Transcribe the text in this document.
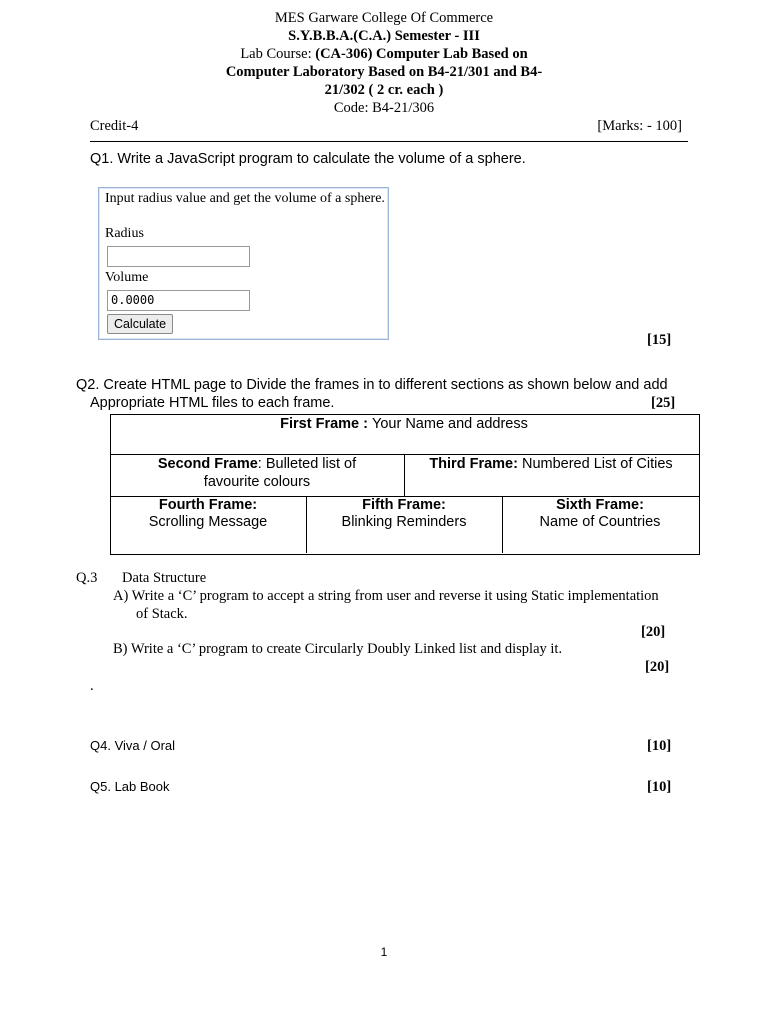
MES Garware College Of Commerce
S.Y.B.B.A.(C.A.) Semester - III
Lab Course: (CA-306) Computer Lab Based on
Computer Laboratory Based on B4-21/301 and B4-
21/302 ( 2 cr. each )
Code: B4-21/306
Credit-4	[Marks: - 100]
Q1. Write a JavaScript program to calculate the volume of a sphere.
Input radius value and get the volume of a sphere.
Radius
Volume
0.0000
Calculate
[15]
Q2. Create HTML page to Divide the frames in to different sections as shown below and add
Appropriate HTML files to each frame.	[25]
First Frame : Your Name and address
Second Frame: Bulleted list of
favourite colours
Third Frame: Numbered List of Cities
Fourth Frame:
Scrolling Message
Fifth Frame:
Blinking Reminders
Sixth Frame:
Name of Countries
Q.3 Data Structure
A) Write a ‘C’ program to accept a string from user and reverse it using Static implementation
of Stack.
[20]
B) Write a ‘C’ program to create Circularly Doubly Linked list and display it.
[20]
.
Q4. Viva / Oral	[10]
Q5. Lab Book	[10]
1
